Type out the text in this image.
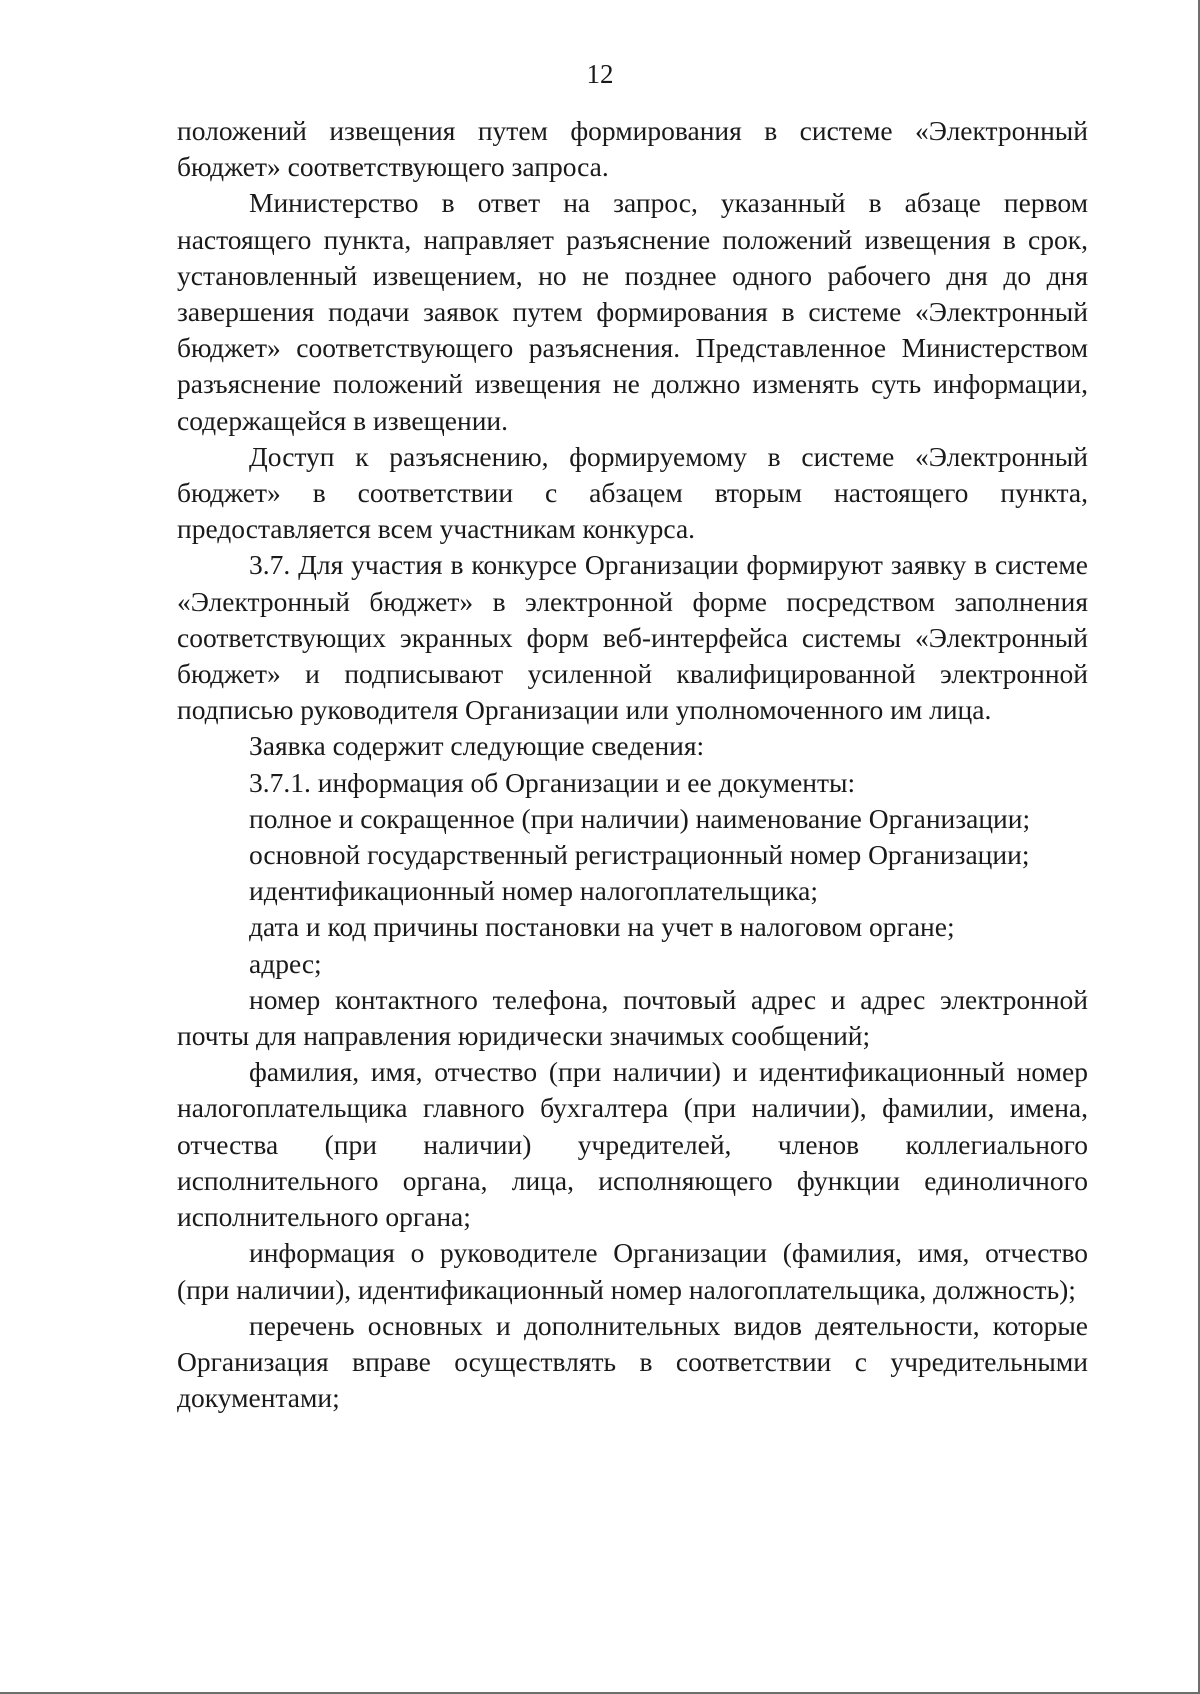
12

положений извещения путем формирования в системе «Электронный бюджет» соответствующего запроса.

Министерство в ответ на запрос, указанный в абзаце первом настоящего пункта, направляет разъяснение положений извещения в срок, установленный извещением, но не позднее одного рабочего дня до дня завершения подачи заявок путем формирования в системе «Электронный бюджет» соответствующего разъяснения. Представленное Министерством разъяснение положений извещения не должно изменять суть информации, содержащейся в извещении.

Доступ к разъяснению, формируемому в системе «Электронный бюджет» в соответствии с абзацем вторым настоящего пункта, предоставляется всем участникам конкурса.

3.7. Для участия в конкурсе Организации формируют заявку в системе «Электронный бюджет» в электронной форме посредством заполнения соответствующих экранных форм веб-интерфейса системы «Электронный бюджет» и подписывают усиленной квалифицированной электронной подписью руководителя Организации или уполномоченного им лица.

Заявка содержит следующие сведения:

3.7.1. информация об Организации и ее документы:

полное и сокращенное (при наличии) наименование Организации;

основной государственный регистрационный номер Организации;

идентификационный номер налогоплательщика;

дата и код причины постановки на учет в налоговом органе;

адрес;

номер контактного телефона, почтовый адрес и адрес электронной почты для направления юридически значимых сообщений;

фамилия, имя, отчество (при наличии) и идентификационный номер налогоплательщика главного бухгалтера (при наличии), фамилии, имена, отчества (при наличии) учредителей, членов коллегиального исполнительного органа, лица, исполняющего функции единоличного исполнительного органа;

информация о руководителе Организации (фамилия, имя, отчество (при наличии), идентификационный номер налогоплательщика, должность);

перечень основных и дополнительных видов деятельности, которые Организация вправе осуществлять в соответствии с учредительными документами;
